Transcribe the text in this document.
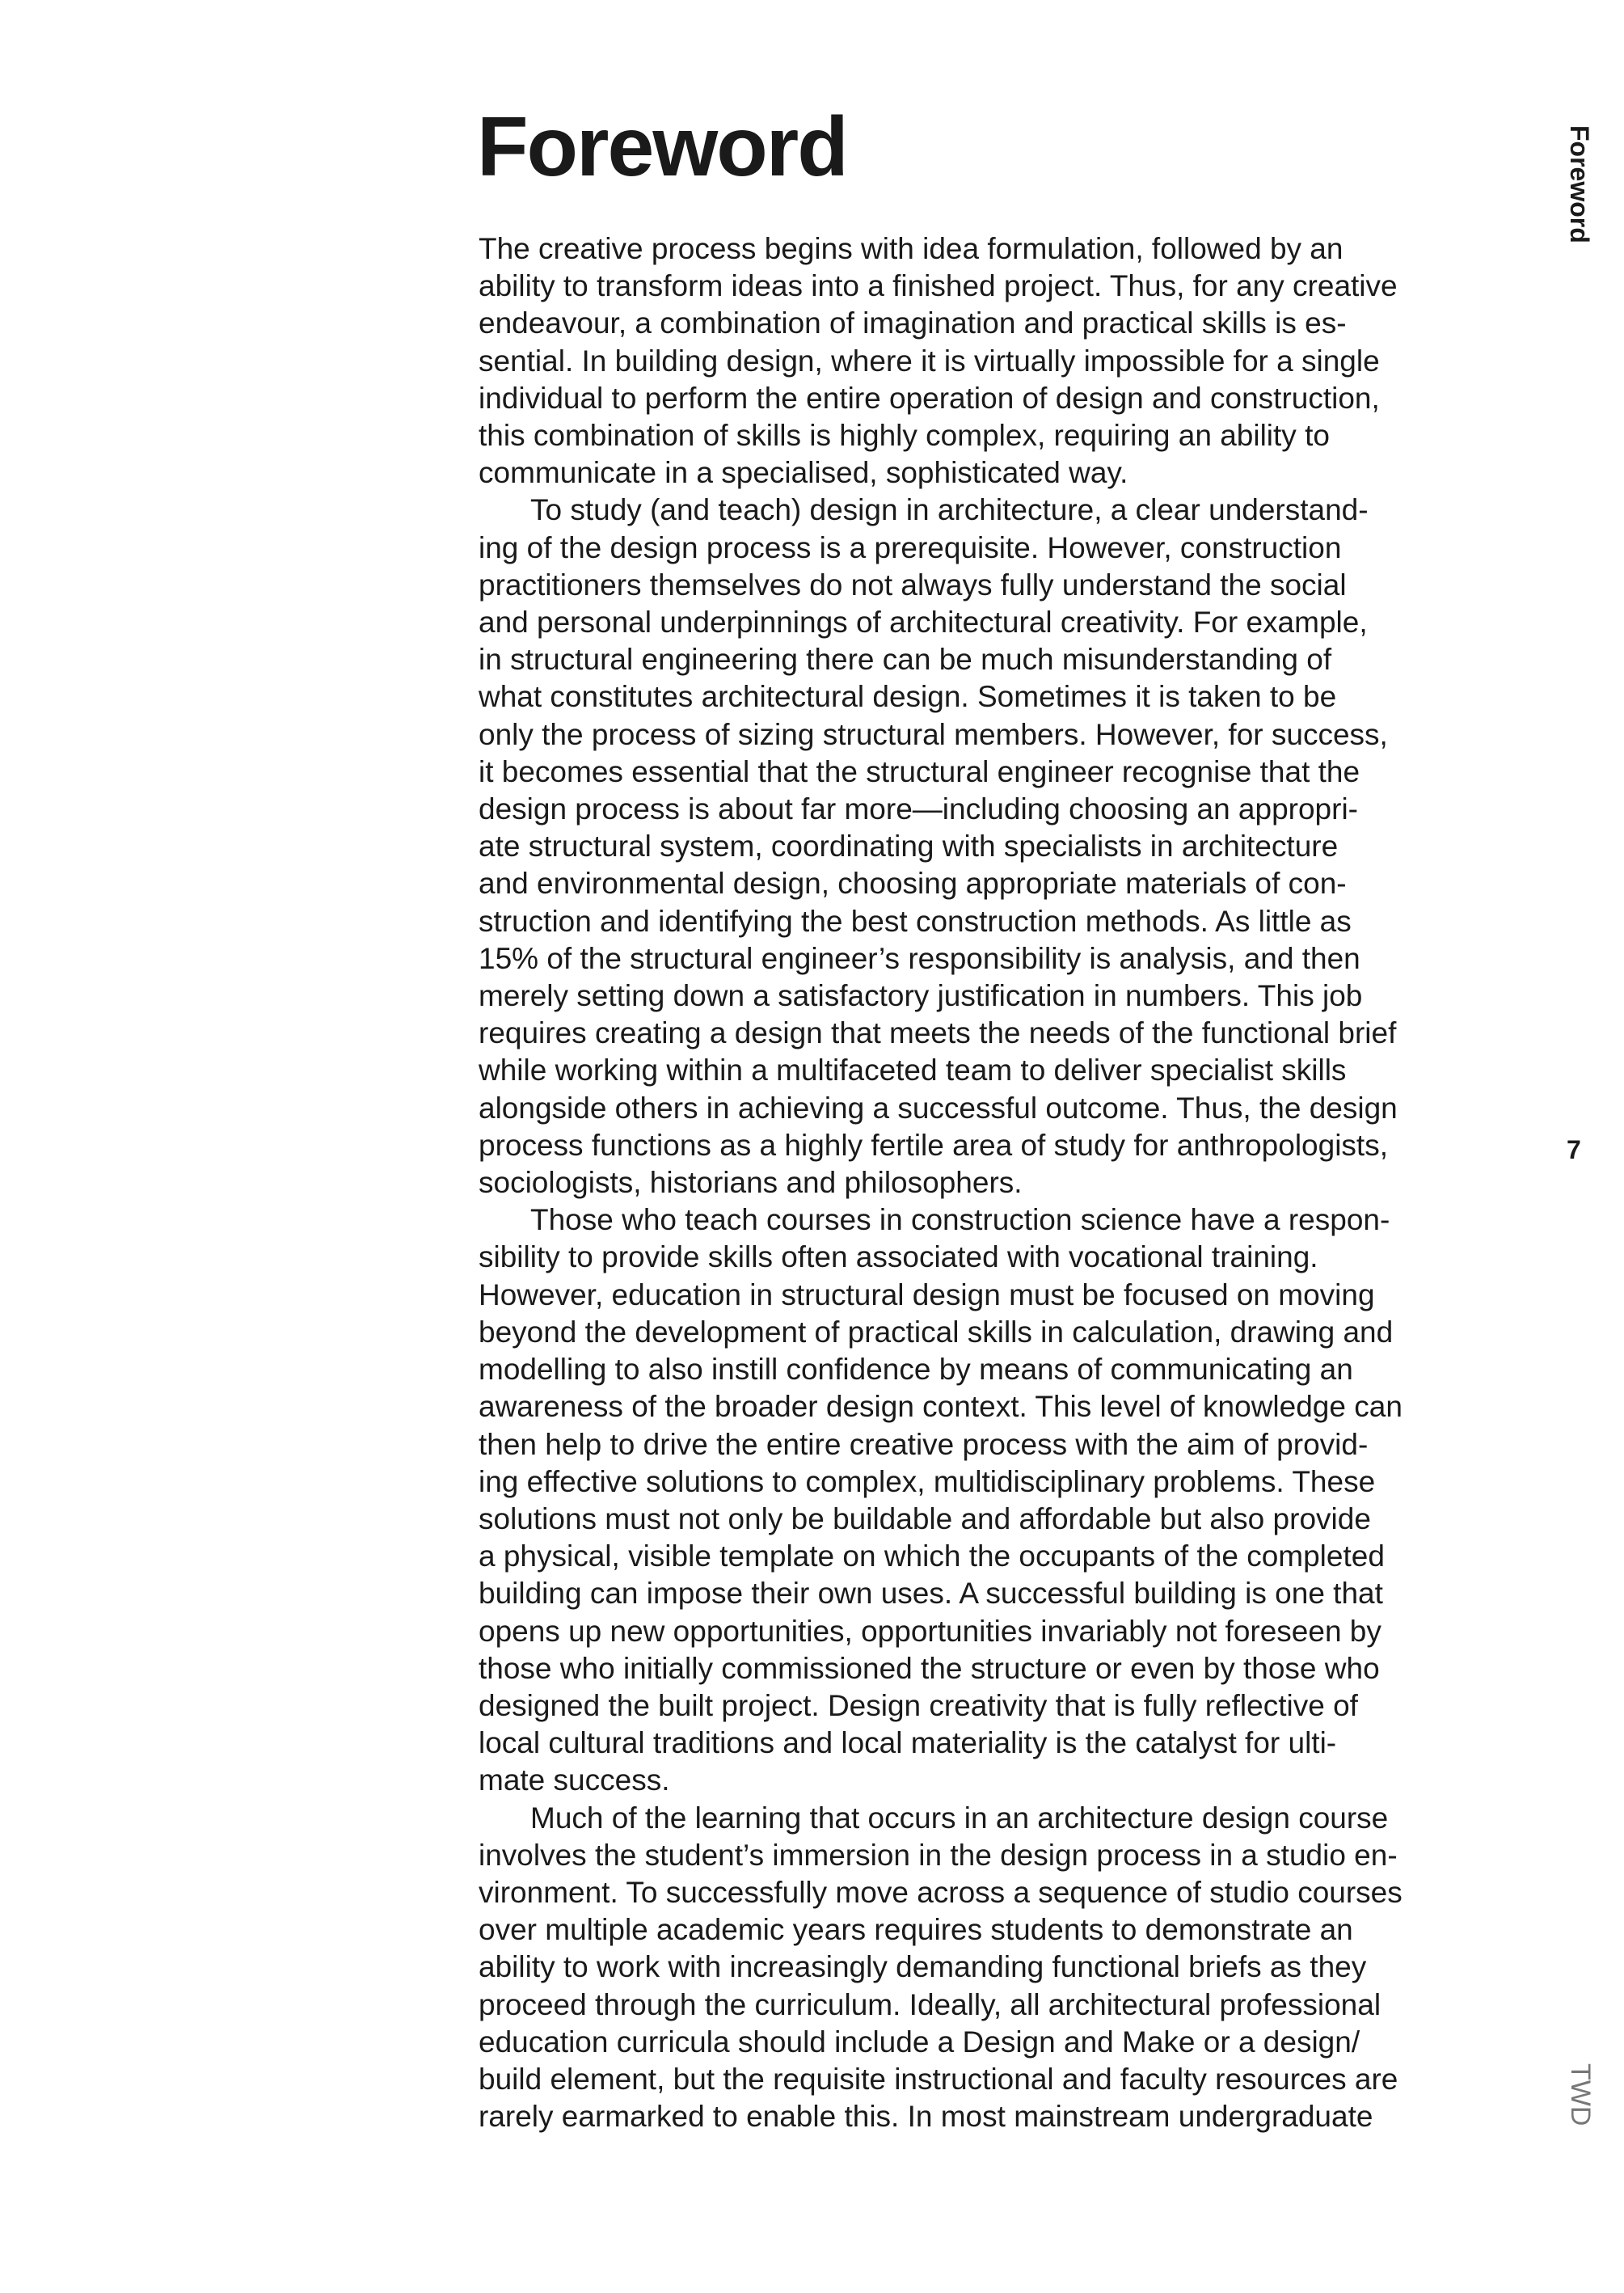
Foreword
The creative process begins with idea formulation, followed by an
ability to transform ideas into a finished project. Thus, for any creative
endeavour, a combination of imagination and practical skills is es-
sential. In building design, where it is virtually impossible for a single
individual to perform the entire operation of design and construction,
this combination of skills is highly complex, requiring an ability to
communicate in a specialised, sophisticated way.
To study (and teach) design in architecture, a clear understand-
ing of the design process is a prerequisite. However, construction
practitioners themselves do not always fully understand the social
and personal underpinnings of architectural creativity. For example,
in structural engineering there can be much misunderstanding of
what constitutes architectural design. Sometimes it is taken to be
only the process of sizing structural members. However, for success,
it becomes essential that the structural engineer recognise that the
design process is about far more—including choosing an appropri-
ate structural system, coordinating with specialists in architecture
and environmental design, choosing appropriate materials of con-
struction and identifying the best construction methods. As little as
15% of the structural engineer’s responsibility is analysis, and then
merely setting down a satisfactory justification in numbers. This job
requires creating a design that meets the needs of the functional brief
while working within a multifaceted team to deliver specialist skills
alongside others in achieving a successful outcome. Thus, the design
process functions as a highly fertile area of study for anthropologists,
sociologists, historians and philosophers.
Those who teach courses in construction science have a respon-
sibility to provide skills often associated with vocational training.
However, education in structural design must be focused on moving
beyond the development of practical skills in calculation, drawing and
modelling to also instill confidence by means of communicating an
awareness of the broader design context. This level of knowledge can
then help to drive the entire creative process with the aim of provid-
ing effective solutions to complex, multidisciplinary problems. These
solutions must not only be buildable and affordable but also provide
a physical, visible template on which the occupants of the completed
building can impose their own uses. A successful building is one that
opens up new opportunities, opportunities invariably not foreseen by
those who initially commissioned the structure or even by those who
designed the built project. Design creativity that is fully reflective of
local cultural traditions and local materiality is the catalyst for ulti-
mate success.
Much of the learning that occurs in an architecture design course
involves the student’s immersion in the design process in a studio en-
vironment. To successfully move across a sequence of studio courses
over multiple academic years requires students to demonstrate an
ability to work with increasingly demanding functional briefs as they
proceed through the curriculum. Ideally, all architectural professional
education curricula should include a Design and Make or a design/
build element, but the requisite instructional and faculty resources are
rarely earmarked to enable this. In most mainstream undergraduate
Foreword
7
TWD
